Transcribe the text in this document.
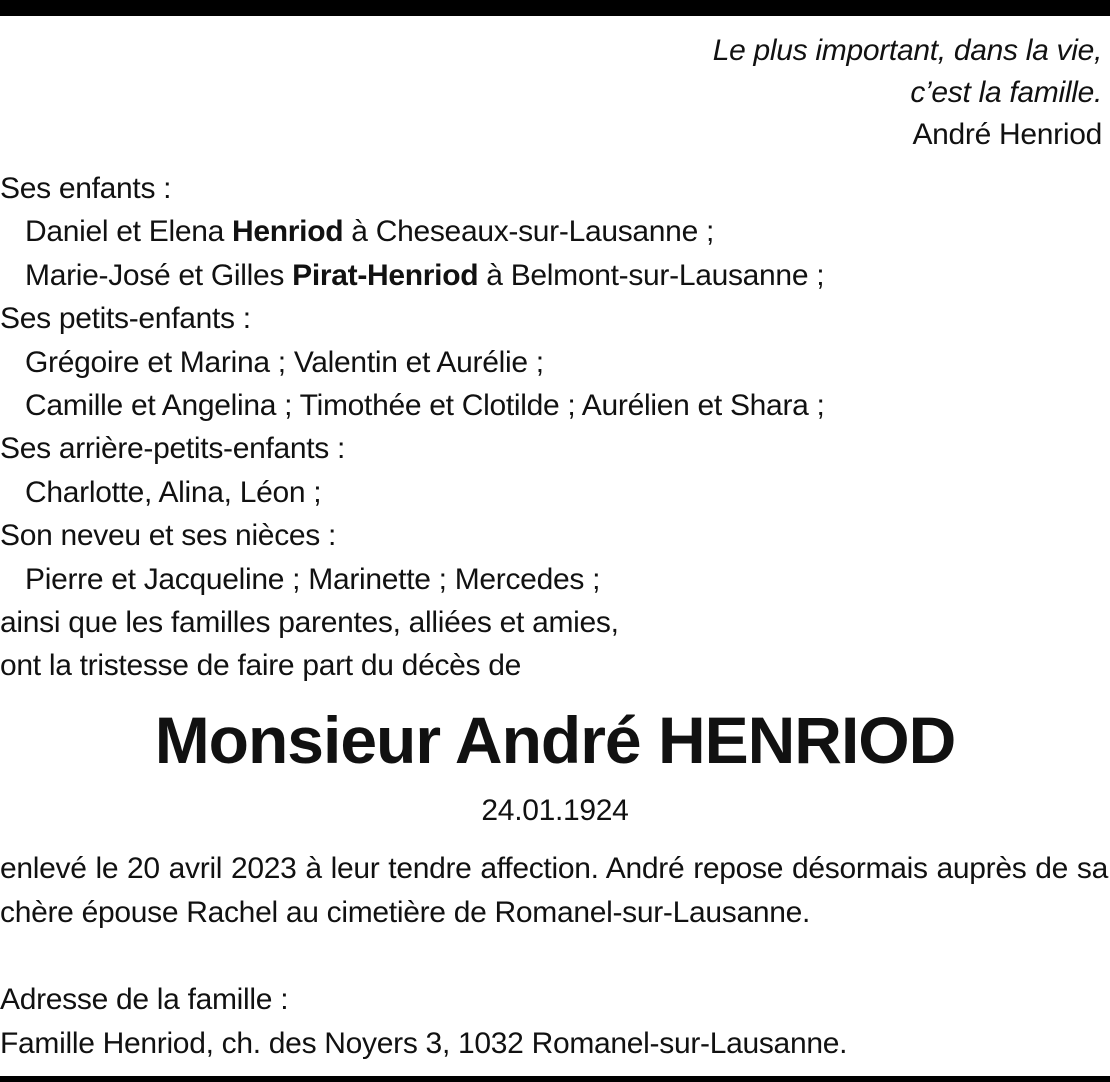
Le plus important, dans la vie,
c’est la famille.
André Henriod
Ses enfants :
Daniel et Elena Henriod à Cheseaux-sur-Lausanne ;
Marie-José et Gilles Pirat-Henriod à Belmont-sur-Lausanne ;
Ses petits-enfants :
Grégoire et Marina ; Valentin et Aurélie ;
Camille et Angelina ; Timothée et Clotilde ; Aurélien et Shara ;
Ses arrière-petits-enfants :
Charlotte, Alina, Léon ;
Son neveu et ses nièces :
Pierre et Jacqueline ; Marinette ; Mercedes ;
ainsi que les familles parentes, alliées et amies,
ont la tristesse de faire part du décès de
Monsieur André HENRIOD
24.01.1924
enlevé le 20 avril 2023 à leur tendre affection. André repose désormais auprès de sa chère épouse Rachel au cimetière de Romanel-sur-Lausanne.
Adresse de la famille :
Famille Henriod, ch. des Noyers 3, 1032 Romanel-sur-Lausanne.
